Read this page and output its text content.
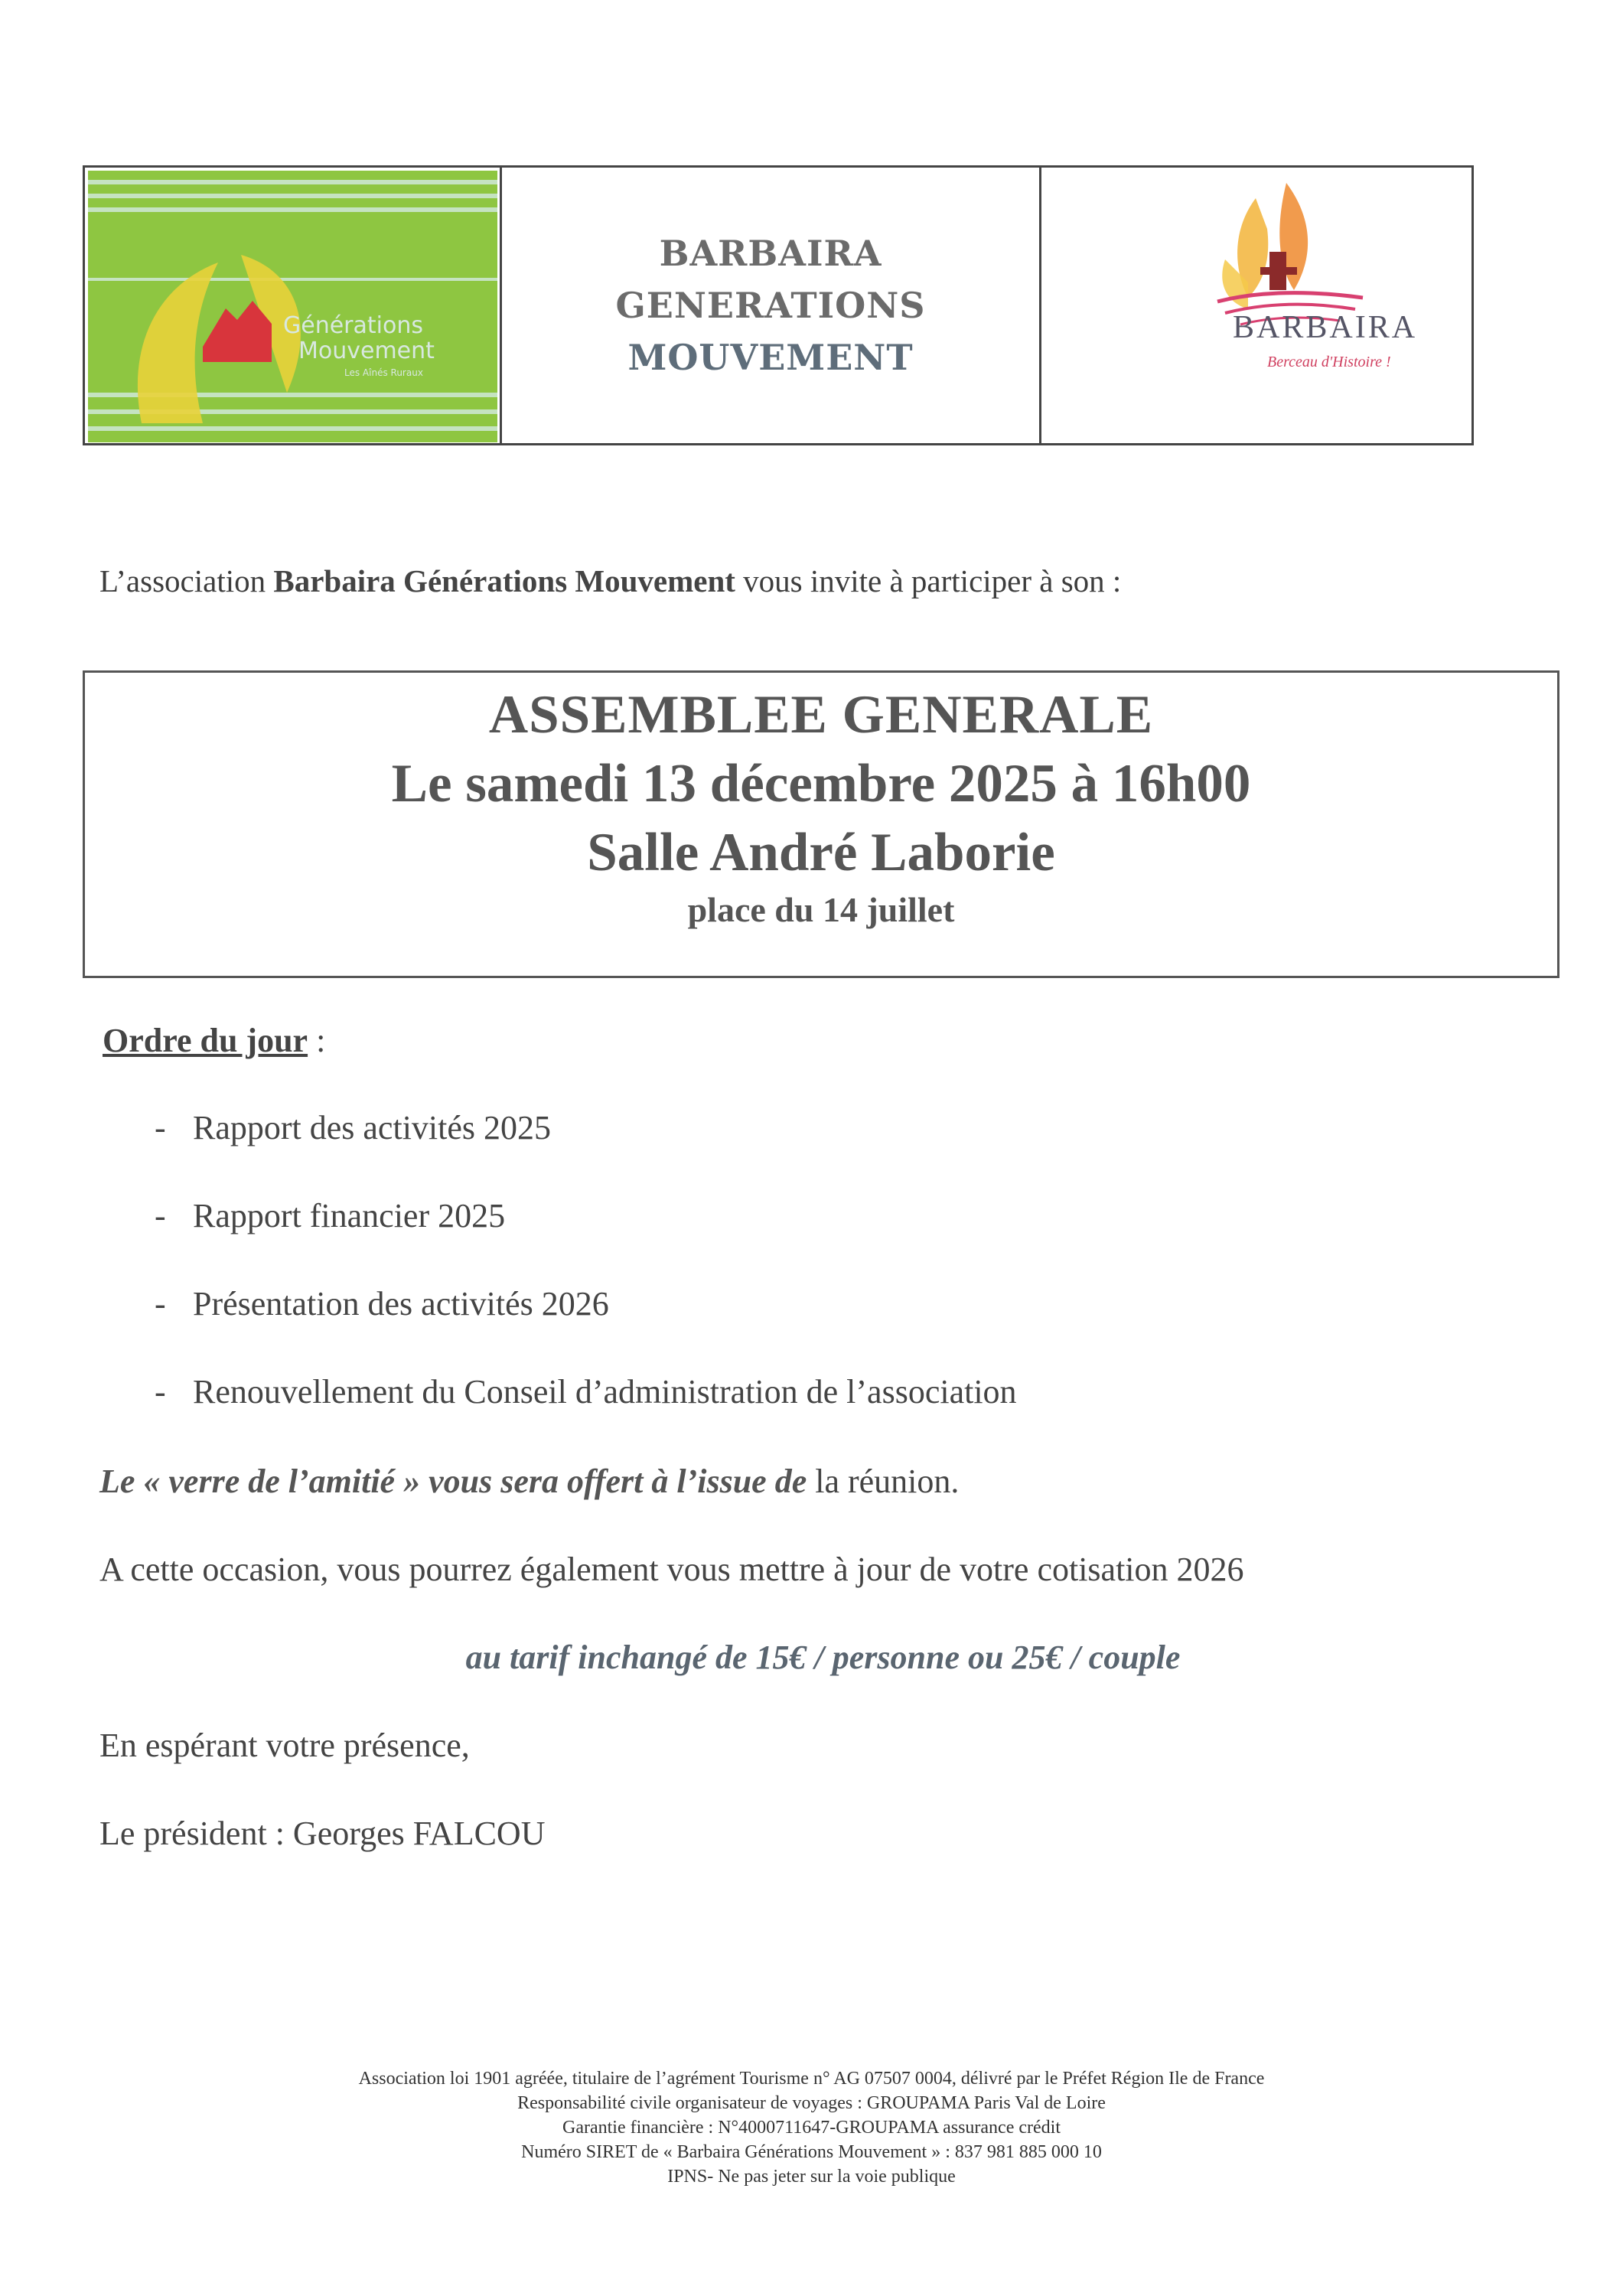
Générations
Mouvement
Les Aînés Ruraux
BARBAIRA
GENERATIONS
MOUVEMENT
BARBAIRA
Berceau d'Histoire !
L’association Barbaira Générations Mouvement vous invite à participer à son :
ASSEMBLEE GENERALE
Le samedi 13 décembre 2025 à 16h00
Salle André Laborie
place du 14 juillet
Ordre du jour :
- Rapport des activités 2025
- Rapport financier 2025
- Présentation des activités 2026
- Renouvellement du Conseil d’administration de l’association
Le « verre de l’amitié » vous sera offert à l’issue de la réunion.
A cette occasion, vous pourrez également vous mettre à jour de votre cotisation 2026
au tarif inchangé de 15€ / personne ou 25€ / couple
En espérant votre présence,
Le président : Georges FALCOU
Association loi 1901 agréée, titulaire de l’agrément Tourisme n° AG 07507 0004, délivré par le Préfet Région Ile de France
Responsabilité civile organisateur de voyages : GROUPAMA Paris Val de Loire
Garantie financière : N°4000711647-GROUPAMA assurance crédit
Numéro SIRET de « Barbaira Générations Mouvement » : 837 981 885 000 10
IPNS- Ne pas jeter sur la voie publique
